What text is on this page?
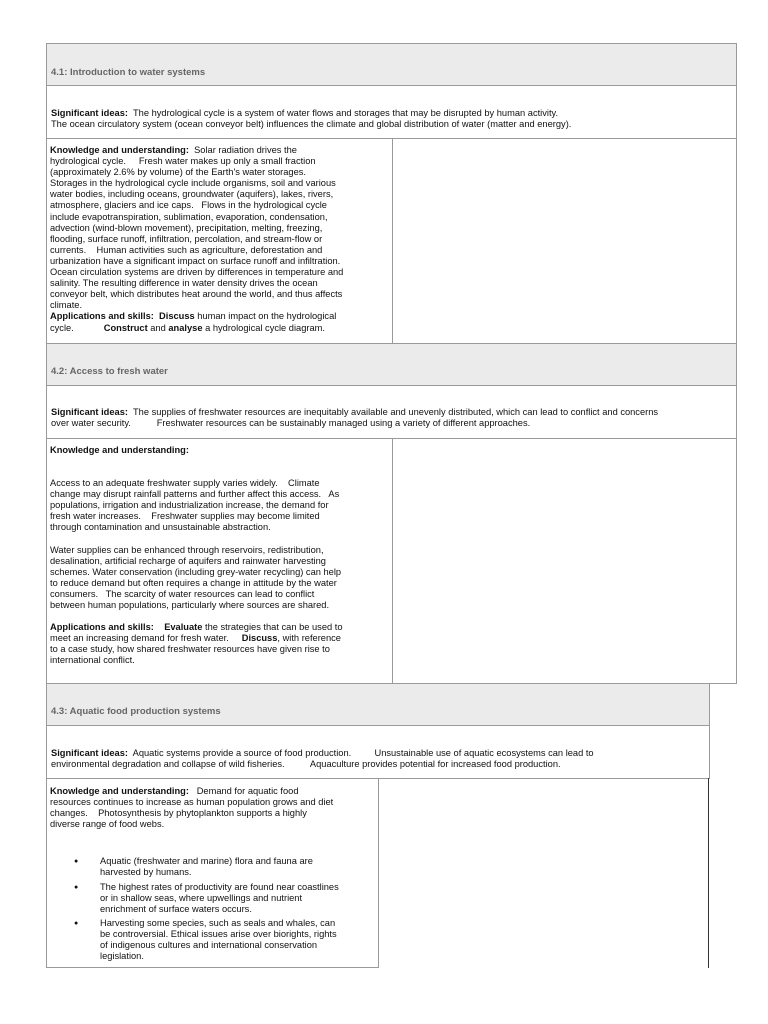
4.1: Introduction to water systems
Significant ideas: The hydrological cycle is a system of water flows and storages that may be disrupted by human activity.
The ocean circulatory system (ocean conveyor belt) influences the climate and global distribution of water (matter and energy).
Knowledge and understanding: Solar radiation drives the
hydrological cycle.     Fresh water makes up only a small fraction
(approximately 2.6% by volume) of the Earth's water storages.
Storages in the hydrological cycle include organisms, soil and various
water bodies, including oceans, groundwater (aquifers), lakes, rivers,
atmosphere, glaciers and ice caps.   Flows in the hydrological cycle
include evapotranspiration, sublimation, evaporation, condensation,
advection (wind-blown movement), precipitation, melting, freezing,
flooding, surface runoff, infiltration, percolation, and stream-flow or
currents.    Human activities such as agriculture, deforestation and
urbanization have a significant impact on surface runoff and infiltration.
Ocean circulation systems are driven by differences in temperature and
salinity. The resulting difference in water density drives the ocean
conveyor belt, which distributes heat around the world, and thus affects
climate.
Applications and skills: Discuss human impact on the hydrological
cycle.	Construct and analyse a hydrological cycle diagram.
4.2: Access to fresh water
Significant ideas: The supplies of freshwater resources are inequitably available and unevenly distributed, which can lead to conflict and concerns
over water security.          Freshwater resources can be sustainably managed using a variety of different approaches.
Knowledge and understanding:
Access to an adequate freshwater supply varies widely.    Climate
change may disrupt rainfall patterns and further affect this access.   As
populations, irrigation and industrialization increase, the demand for
fresh water increases.    Freshwater supplies may become limited
through contamination and unsustainable abstraction.
Water supplies can be enhanced through reservoirs, redistribution,
desalination, artificial recharge of aquifers and rainwater harvesting
schemes. Water conservation (including grey-water recycling) can help
to reduce demand but often requires a change in attitude by the water
consumers.   The scarcity of water resources can lead to conflict
between human populations, particularly where sources are shared.
Applications and skills: Evaluate the strategies that can be used to
meet an increasing demand for fresh water. Discuss, with reference
to a case study, how shared freshwater resources have given rise to
international conflict.
4.3: Aquatic food production systems
Significant ideas: Aquatic systems provide a source of food production.         Unsustainable use of aquatic ecosystems can lead to
environmental degradation and collapse of wild fisheries.          Aquaculture provides potential for increased food production.
Knowledge and understanding: Demand for aquatic food
resources continues to increase as human population grows and diet
changes.    Photosynthesis by phytoplankton supports a highly
diverse range of food webs.
● Aquatic (freshwater and marine) flora and fauna are
harvested by humans.
● The highest rates of productivity are found near coastlines
or in shallow seas, where upwellings and nutrient
enrichment of surface waters occurs.
● Harvesting some species, such as seals and whales, can
be controversial. Ethical issues arise over biorights, rights
of indigenous cultures and international conservation
legislation.
